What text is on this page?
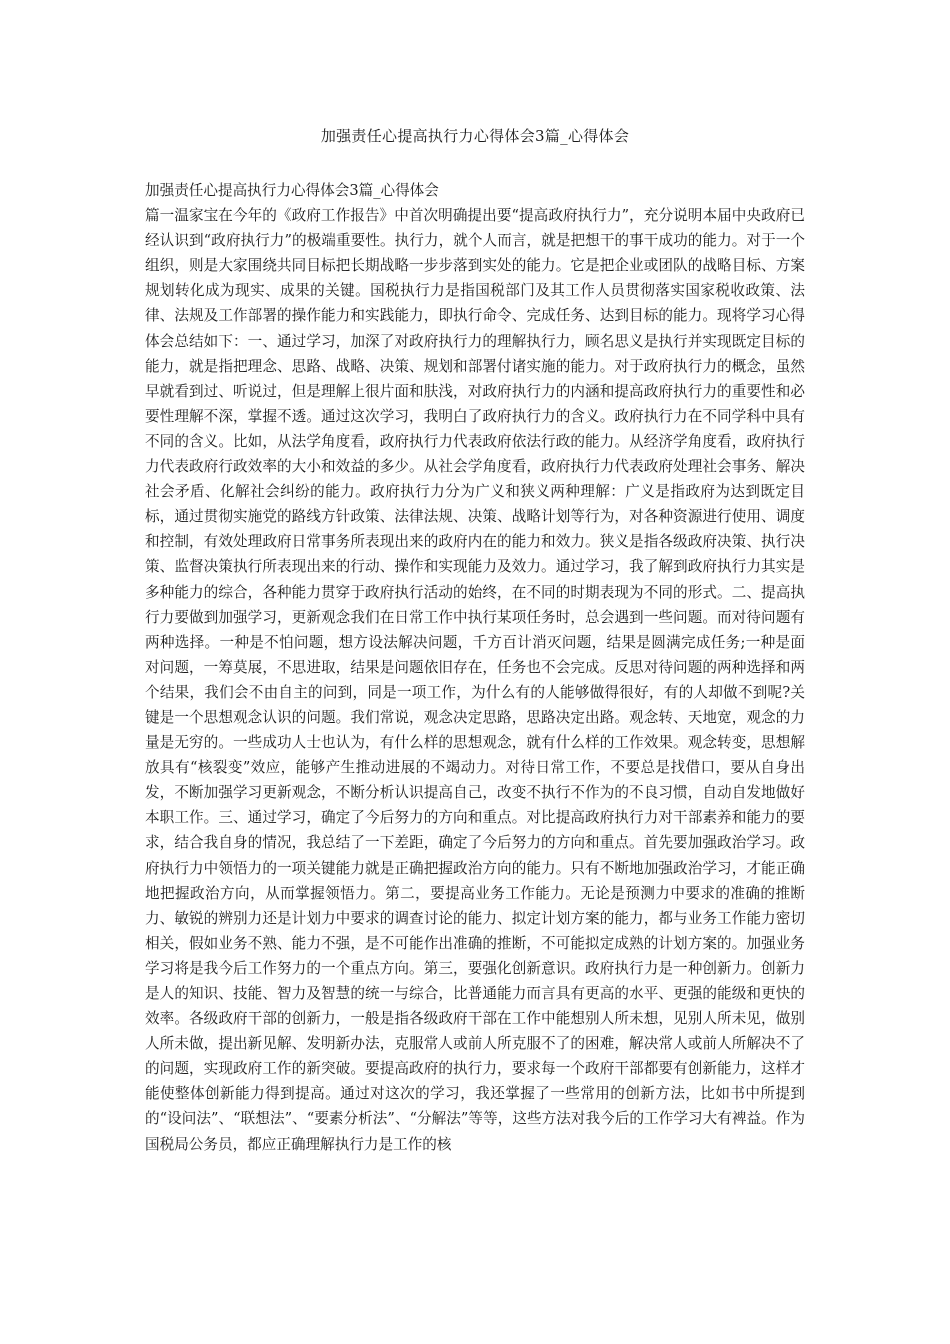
加强责任心提高执行力心得体会3篇_心得体会

加强责任心提高执行力心得体会3篇_心得体会

篇一温家宝在今年的《政府工作报告》中首次明确提出要“提高政府执行力”，充分说明本届中央政府已经认识到“政府执行力”的极端重要性。执行力，就个人而言，就是把想干的事干成功的能力。对于一个组织，则是大家围绕共同目标把长期战略一步步落到实处的能力。它是把企业或团队的战略目标、方案规划转化成为现实、成果的关键。国税执行力是指国税部门及其工作人员贯彻落实国家税收政策、法律、法规及工作部署的操作能力和实践能力，即执行命令、完成任务、达到目标的能力。现将学习心得体会总结如下：一、通过学习，加深了对政府执行力的理解执行力，顾名思义是执行并实现既定目标的能力，就是指把理念、思路、战略、决策、规划和部署付诸实施的能力。对于政府执行力的概念，虽然早就看到过、听说过，但是理解上很片面和肤浅，对政府执行力的内涵和提高政府执行力的重要性和必要性理解不深，掌握不透。通过这次学习，我明白了政府执行力的含义。政府执行力在不同学科中具有不同的含义。比如，从法学角度看，政府执行力代表政府依法行政的能力。从经济学角度看，政府执行力代表政府行政效率的大小和效益的多少。从社会学角度看，政府执行力代表政府处理社会事务、解决社会矛盾、化解社会纠纷的能力。政府执行力分为广义和狭义两种理解：广义是指政府为达到既定目标，通过贯彻实施党的路线方针政策、法律法规、决策、战略计划等行为，对各种资源进行使用、调度和控制，有效处理政府日常事务所表现出来的政府内在的能力和效力。狭义是指各级政府决策、执行决策、监督决策执行所表现出来的行动、操作和实现能力及效力。通过学习，我了解到政府执行力其实是多种能力的综合，各种能力贯穿于政府执行活动的始终，在不同的时期表现为不同的形式。二、提高执行力要做到加强学习，更新观念我们在日常工作中执行某项任务时，总会遇到一些问题。而对待问题有两种选择。一种是不怕问题，想方设法解决问题，千方百计消灭问题，结果是圆满完成任务;一种是面对问题，一筹莫展，不思进取，结果是问题依旧存在，任务也不会完成。反思对待问题的两种选择和两个结果，我们会不由自主的问到，同是一项工作，为什么有的人能够做得很好，有的人却做不到呢?关键是一个思想观念认识的问题。我们常说，观念决定思路，思路决定出路。观念转、天地宽，观念的力量是无穷的。一些成功人士也认为，有什么样的思想观念，就有什么样的工作效果。观念转变，思想解放具有“核裂变”效应，能够产生推动进展的不竭动力。对待日常工作，不要总是找借口，要从自身出发，不断加强学习更新观念，不断分析认识提高自己，改变不执行不作为的不良习惯，自动自发地做好本职工作。三、通过学习，确定了今后努力的方向和重点。对比提高政府执行力对干部素养和能力的要求，结合我自身的情况，我总结了一下差距，确定了今后努力的方向和重点。首先要加强政治学习。政府执行力中领悟力的一项关键能力就是正确把握政治方向的能力。只有不断地加强政治学习，才能正确地把握政治方向，从而掌握领悟力。第二，要提高业务工作能力。无论是预测力中要求的准确的推断力、敏锐的辨别力还是计划力中要求的调查讨论的能力、拟定计划方案的能力，都与业务工作能力密切相关，假如业务不熟、能力不强，是不可能作出准确的推断，不可能拟定成熟的计划方案的。加强业务学习将是我今后工作努力的一个重点方向。第三，要强化创新意识。政府执行力是一种创新力。创新力是人的知识、技能、智力及智慧的统一与综合，比普通能力而言具有更高的水平、更强的能级和更快的效率。各级政府干部的创新力，一般是指各级政府干部在工作中能想别人所未想，见别人所未见，做别人所未做，提出新见解、发明新办法，克服常人或前人所克服不了的困难，解决常人或前人所解决不了的问题，实现政府工作的新突破。要提高政府的执行力，要求每一个政府干部都要有创新能力，这样才能使整体创新能力得到提高。通过对这次的学习，我还掌握了一些常用的创新方法，比如书中所提到的“设问法”、“联想法”、“要素分析法”、“分解法”等等，这些方法对我今后的工作学习大有裨益。作为国税局公务员，都应正确理解执行力是工作的核
